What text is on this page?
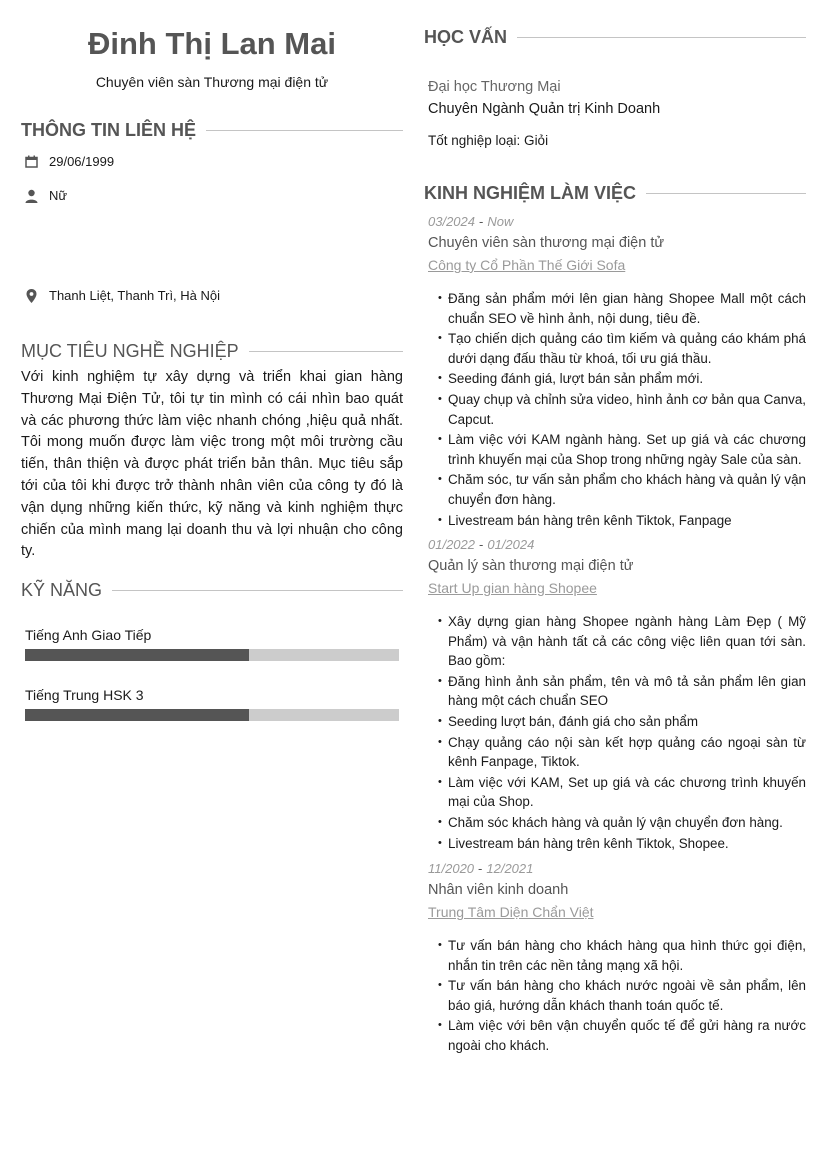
Đinh Thị Lan Mai
Chuyên viên sàn Thương mại điện tử
THÔNG TIN LIÊN HỆ
29/06/1999
Nữ
Thanh Liệt, Thanh Trì, Hà Nội
MỤC TIÊU NGHỀ NGHIỆP
Với kinh nghiệm tự xây dựng và triển khai gian hàng Thương Mại Điện Tử, tôi tự tin mình có cái nhìn bao quát và các phương thức làm việc nhanh chóng ,hiệu quả nhất. Tôi mong muốn được làm việc trong một môi trường cầu tiến, thân thiện và được phát triển bản thân. Mục tiêu sắp tới của tôi khi được trở thành nhân viên của công ty đó là vận dụng những kiến thức, kỹ năng và kinh nghiệm thực chiến của mình mang lại doanh thu và lợi nhuận cho công ty.
KỸ NĂNG
Tiếng Anh Giao Tiếp
Tiếng Trung HSK 3
HỌC VẤN
Đại học Thương Mại
Chuyên Ngành Quản trị Kinh Doanh
Tốt nghiệp loại: Giỏi
KINH NGHIỆM LÀM VIỆC
03/2024 - Now
Chuyên viên sàn thương mại điện tử
Công ty Cổ Phần Thế Giới Sofa
• Đăng sản phẩm mới lên gian hàng Shopee Mall một cách chuẩn SEO về hình ảnh, nội dung, tiêu đề.
• Tạo chiến dịch quảng cáo tìm kiếm và quảng cáo khám phá dưới dạng đấu thầu từ khoá, tối ưu giá thầu.
• Seeding đánh giá, lượt bán sản phẩm mới.
• Quay chụp và chỉnh sửa video, hình ảnh cơ bản qua Canva, Capcut.
• Làm việc với KAM ngành hàng. Set up giá và các chương trình khuyến mại của Shop trong những ngày Sale của sàn.
• Chăm sóc, tư vấn sản phẩm cho khách hàng và quản lý vận chuyển đơn hàng.
• Livestream bán hàng trên kênh Tiktok, Fanpage
01/2022 - 01/2024
Quản lý sàn thương mại điện tử
Start Up gian hàng Shopee
• Xây dựng gian hàng Shopee ngành hàng Làm Đẹp ( Mỹ Phẩm) và vận hành tất cả các công việc liên quan tới sàn. Bao gồm:
• Đăng hình ảnh sản phẩm, tên và mô tả sản phẩm lên gian hàng một cách chuẩn SEO
• Seeding lượt bán, đánh giá cho sản phẩm
• Chạy quảng cáo nội sàn kết hợp quảng cáo ngoại sàn từ kênh Fanpage, Tiktok.
• Làm việc với KAM, Set up giá và các chương trình khuyến mại của Shop.
• Chăm sóc khách hàng và quản lý vận chuyển đơn hàng.
• Livestream bán hàng trên kênh Tiktok, Shopee.
11/2020 - 12/2021
Nhân viên kinh doanh
Trung Tâm Diện Chẩn Việt
• Tư vấn bán hàng cho khách hàng qua hình thức gọi điện, nhắn tin trên các nền tảng mạng xã hội.
• Tư vấn bán hàng cho khách nước ngoài về sản phẩm, lên báo giá, hướng dẫn khách thanh toán quốc tế.
• Làm việc với bên vận chuyển quốc tế để gửi hàng ra nước ngoài cho khách.
